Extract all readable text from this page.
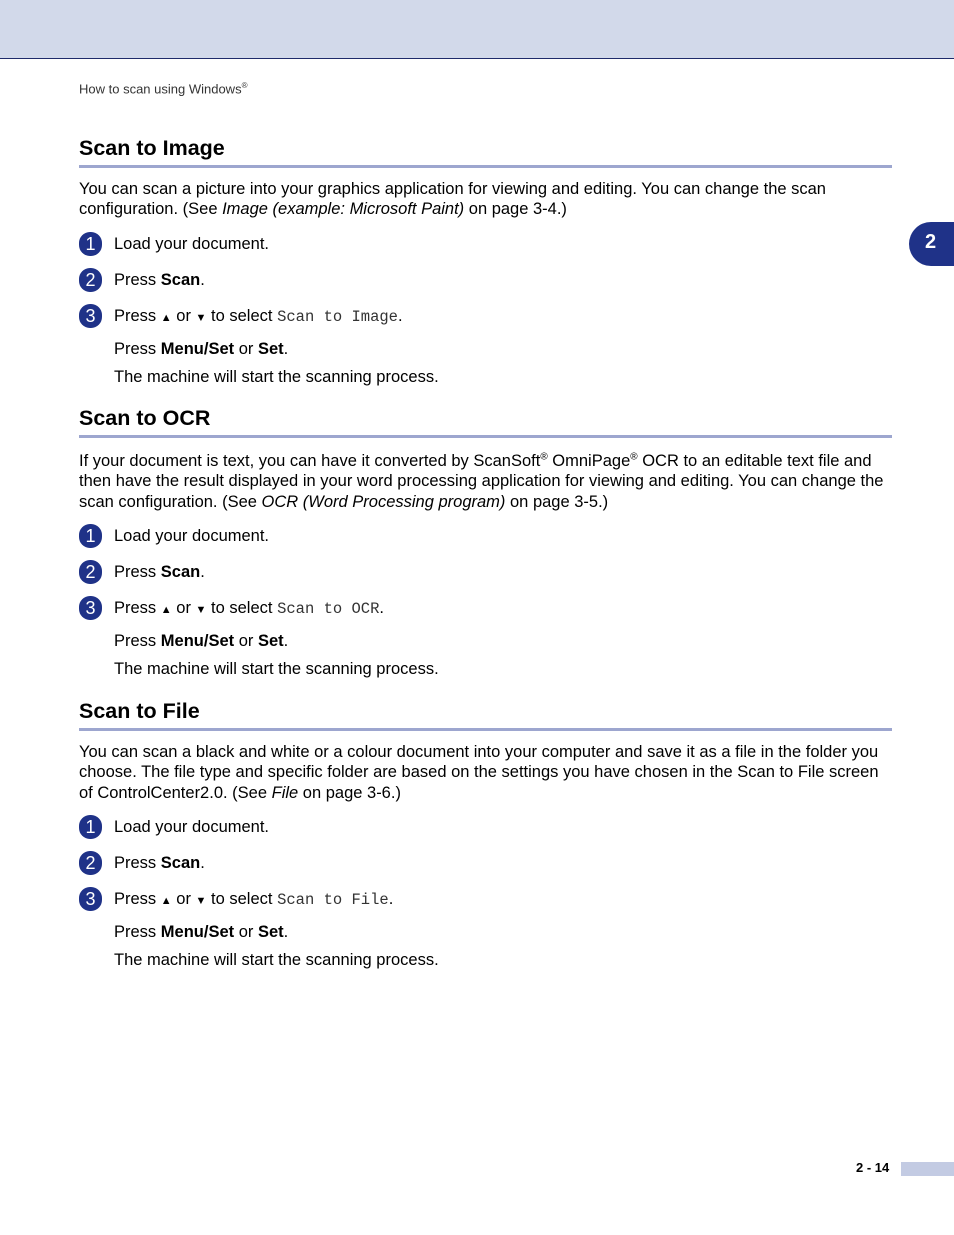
How to scan using Windows®
2
Scan to Image

You can scan a picture into your graphics application for viewing and editing. You can change the scan configuration. (See Image (example: Microsoft Paint) on page 3-4.)

1	Load your document.
2	Press Scan.
3	Press ▲ or ▼ to select Scan to Image.
Press Menu/Set or Set.
The machine will start the scanning process.
Scan to OCR

If your document is text, you can have it converted by ScanSoft® OmniPage® OCR to an editable text file and then have the result displayed in your word processing application for viewing and editing. You can change the scan configuration. (See OCR (Word Processing program) on page 3-5.)

1	Load your document.
2	Press Scan.
3	Press ▲ or ▼ to select Scan to OCR.
Press Menu/Set or Set.
The machine will start the scanning process.
Scan to File

You can scan a black and white or a colour document into your computer and save it as a file in the folder you choose. The file type and specific folder are based on the settings you have chosen in the Scan to File screen of ControlCenter2.0. (See File on page 3-6.)

1	Load your document.
2	Press Scan.
3	Press ▲ or ▼ to select Scan to File.
Press Menu/Set or Set.
The machine will start the scanning process.
2 - 14
